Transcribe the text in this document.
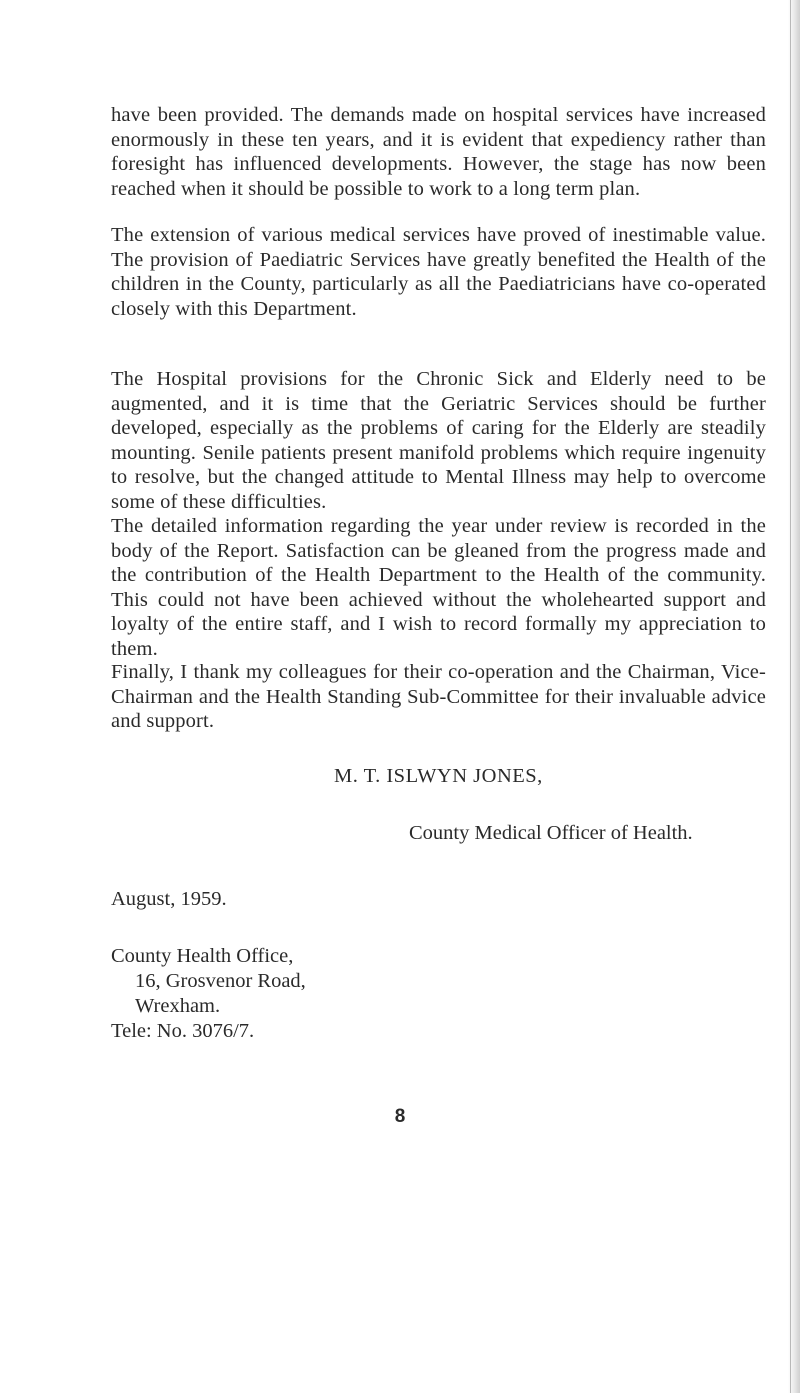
have been provided. The demands made on hospital services have increased enormously in these ten years, and it is evident that expediency rather than foresight has influenced developments. However, the stage has now been reached when it should be possible to work to a long term plan.

The extension of various medical services have proved of inestimable value. The provision of Paediatric Services have greatly benefited the Health of the children in the County, particularly as all the Paediatricians have co-operated closely with this Department.

The Hospital provisions for the Chronic Sick and Elderly need to be augmented, and it is time that the Geriatric Services should be further developed, especially as the problems of caring for the Elderly are steadily mounting. Senile patients present manifold problems which require ingenuity to resolve, but the changed attitude to Mental Illness may help to overcome some of these difficulties.

The detailed information regarding the year under review is recorded in the body of the Report. Satisfaction can be gleaned from the progress made and the contribution of the Health Department to the Health of the community. This could not have been achieved without the wholehearted support and loyalty of the entire staff, and I wish to record formally my appreciation to them.

Finally, I thank my colleagues for their co-operation and the Chairman, Vice-Chairman and the Health Standing Sub-Committee for their invaluable advice and support.

M. T. ISLWYN JONES,

County Medical Officer of Health.

August, 1959.

County Health Office,
16, Grosvenor Road,
Wrexham.
Tele: No. 3076/7.

8
